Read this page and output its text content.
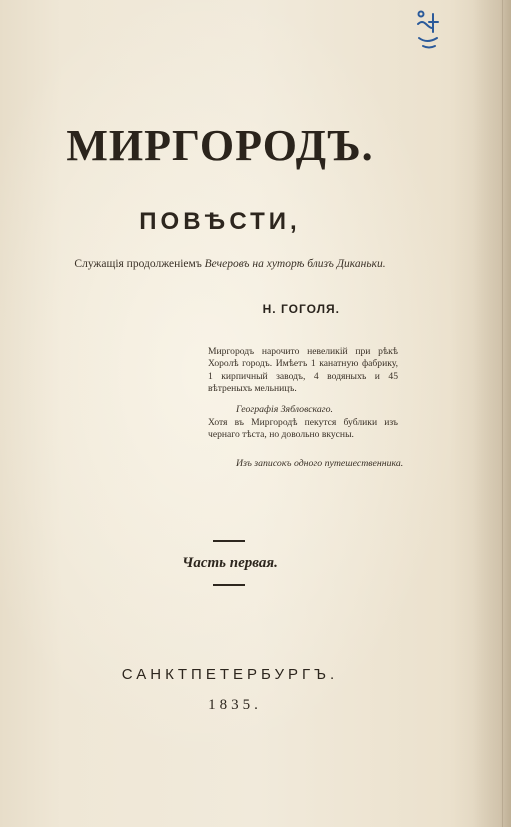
МИРГОРОДЪ.
ПОВѢСТИ,
Служащія продолженіемъ Вечеровъ на хуторѣ близъ Диканьки.
Н. ГОГОЛЯ.
Миргородъ нарочито невеликій при рѣкѣ Хоролѣ городъ. Имѣетъ 1 канатную фабрику, 1 кирпичный заводъ, 4 водяныхъ и 45 вѣтреныхъ мельницъ.
Географія Зябловскаго.
Хотя въ Миргородѣ пекутся бублики изъ чернаго тѣста, но довольно вкусны.
Изъ записокъ одного путешественника.
Часть первая.
САНКТПЕТЕРБУРГЪ.
1835.
